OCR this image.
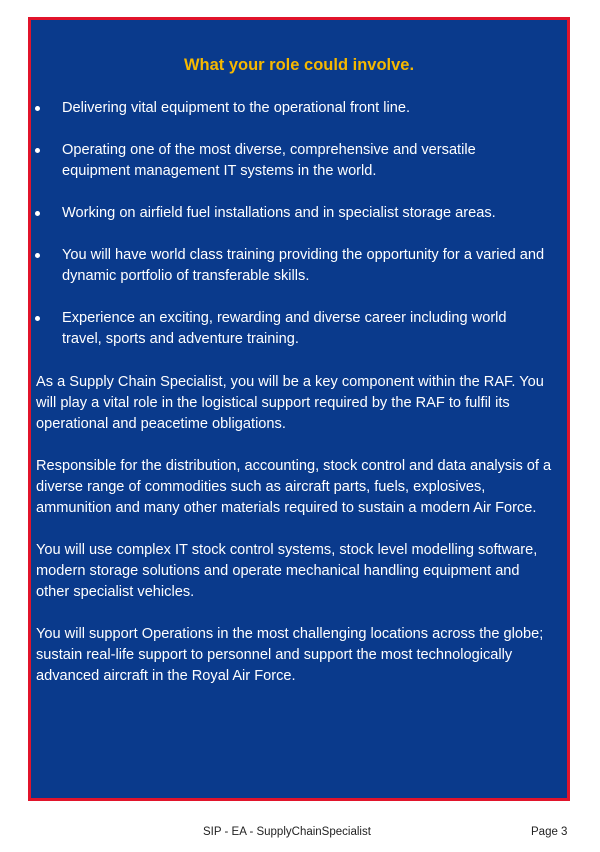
What your role could involve.
Delivering vital equipment to the operational front line.
Operating one of the most diverse, comprehensive and versatile equipment management IT systems in the world.
Working on airfield fuel installations and in specialist storage areas.
You will have world class training providing the opportunity for a varied and dynamic portfolio of transferable skills.
Experience an exciting, rewarding and diverse career including world travel, sports and adventure training.

As a Supply Chain Specialist, you will be a key component within the RAF. You will play a vital role in the logistical support required by the RAF to fulfil its operational and peacetime obligations.

Responsible for the distribution, accounting, stock control and data analysis of a diverse range of commodities such as aircraft parts, fuels, explosives, ammunition and many other materials required to sustain a modern Air Force.

You will use complex IT stock control systems, stock level modelling software, modern storage solutions and operate mechanical handling equipment and other specialist vehicles.

You will support Operations in the most challenging locations across the globe; sustain real-life support to personnel and support the most technologically advanced aircraft in the Royal Air Force.

SIP - EA - SupplyChainSpecialist	Page 3
